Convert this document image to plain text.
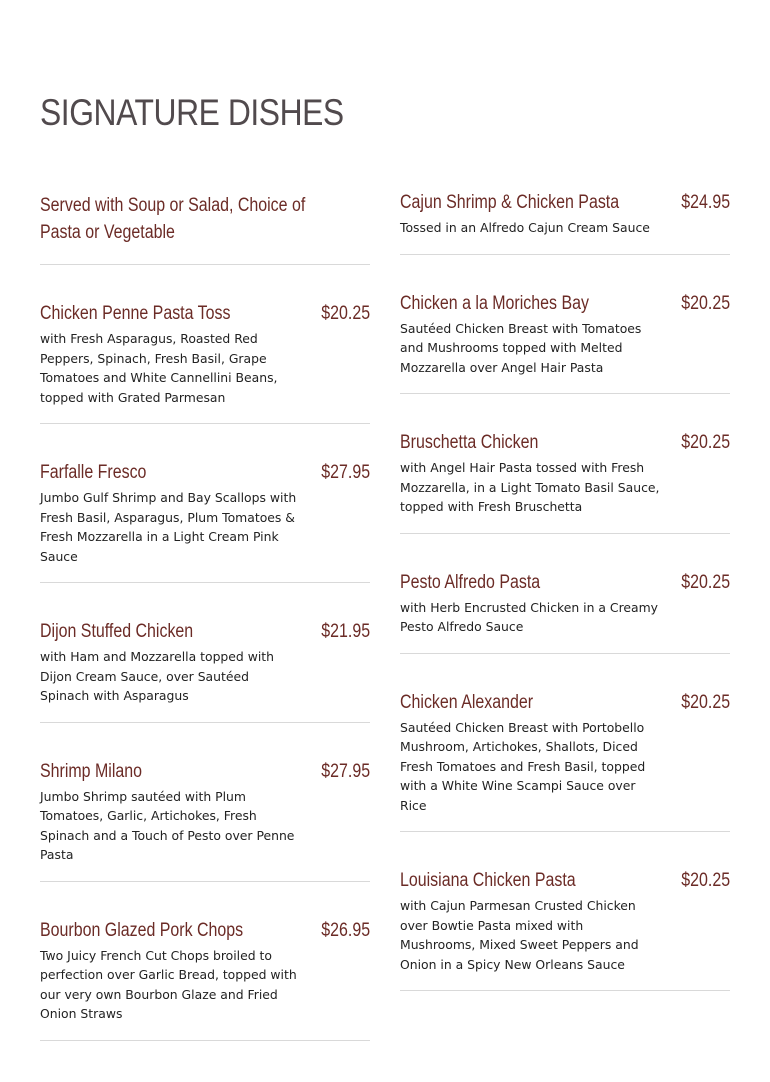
SIGNATURE DISHES
Served with Soup or Salad, Choice of
Pasta or Vegetable
Chicken Penne Pasta Toss	$20.25
with Fresh Asparagus, Roasted Red Peppers, Spinach, Fresh Basil, Grape Tomatoes and White Cannellini Beans, topped with Grated Parmesan
Farfalle Fresco	$27.95
Jumbo Gulf Shrimp and Bay Scallops with Fresh Basil, Asparagus, Plum Tomatoes & Fresh Mozzarella in a Light Cream Pink Sauce
Dijon Stuffed Chicken	$21.95
with Ham and Mozzarella topped with Dijon Cream Sauce, over Sautéed Spinach with Asparagus
Shrimp Milano	$27.95
Jumbo Shrimp sautéed with Plum Tomatoes, Garlic, Artichokes, Fresh Spinach and a Touch of Pesto over Penne Pasta
Bourbon Glazed Pork Chops	$26.95
Two Juicy French Cut Chops broiled to perfection over Garlic Bread, topped with our very own Bourbon Glaze and Fried Onion Straws
Cajun Shrimp & Chicken Pasta	$24.95
Tossed in an Alfredo Cajun Cream Sauce
Chicken a la Moriches Bay	$20.25
Sautéed Chicken Breast with Tomatoes and Mushrooms topped with Melted Mozzarella over Angel Hair Pasta
Bruschetta Chicken	$20.25
with Angel Hair Pasta tossed with Fresh Mozzarella, in a Light Tomato Basil Sauce, topped with Fresh Bruschetta
Pesto Alfredo Pasta	$20.25
with Herb Encrusted Chicken in a Creamy Pesto Alfredo Sauce
Chicken Alexander	$20.25
Sautéed Chicken Breast with Portobello Mushroom, Artichokes, Shallots, Diced Fresh Tomatoes and Fresh Basil, topped with a White Wine Scampi Sauce over Rice
Louisiana Chicken Pasta	$20.25
with Cajun Parmesan Crusted Chicken over Bowtie Pasta mixed with Mushrooms, Mixed Sweet Peppers and Onion in a Spicy New Orleans Sauce
